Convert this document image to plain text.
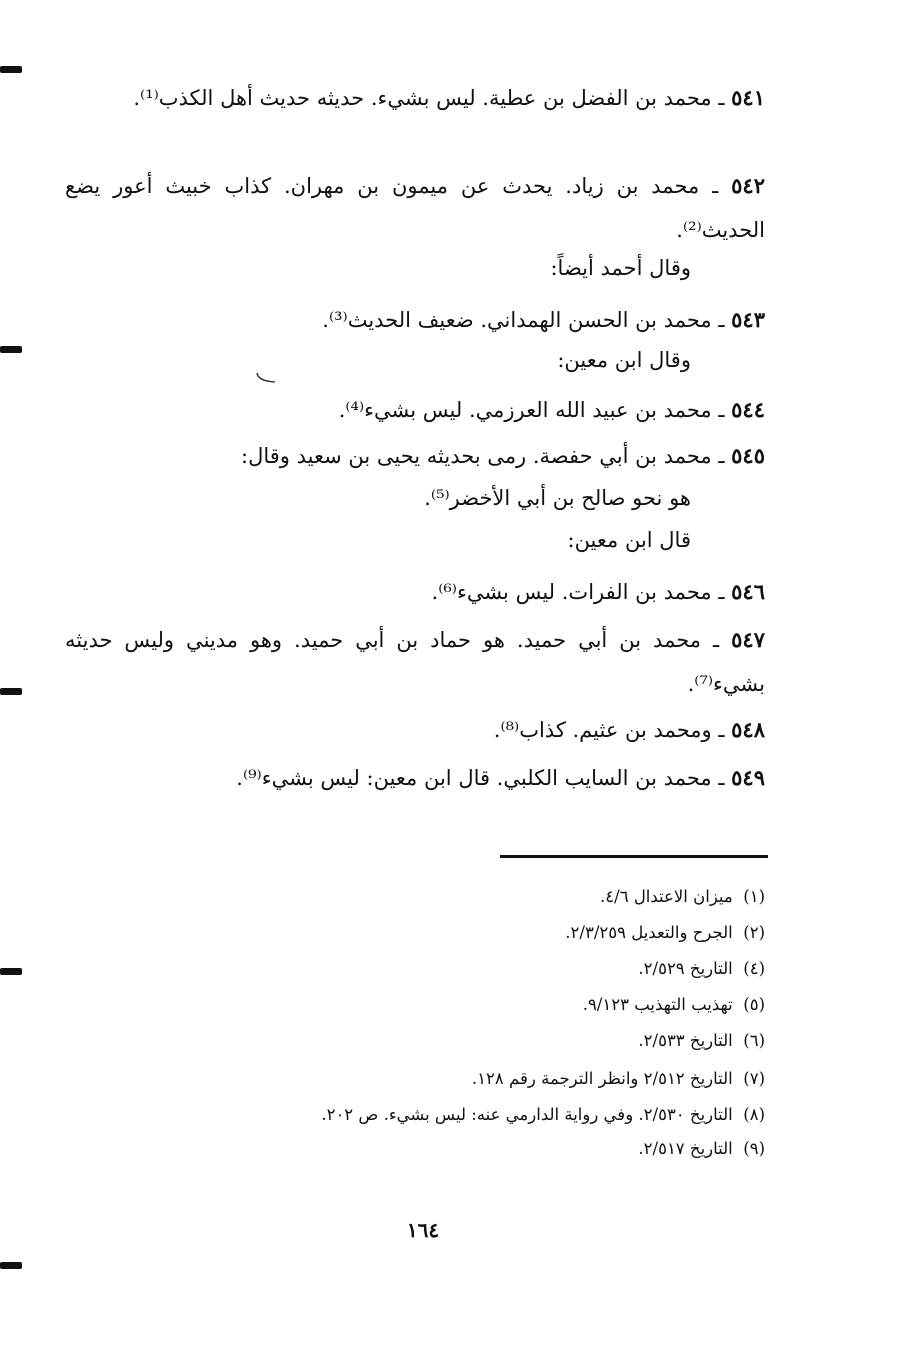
٥٤١ ـ محمد بن الفضل بن عطية. ليس بشيء. حديثه حديث أهل الكذب⁽¹⁾.
٥٤٢ ـ محمد بن زياد. يحدث عن ميمون بن مهران. كذاب خبيث أعور يضع الحديث⁽²⁾.
وقال أحمد أيضاً:
٥٤٣ ـ محمد بن الحسن الهمداني. ضعيف الحديث⁽³⁾.
وقال ابن معين:
٥٤٤ ـ محمد بن عبيد الله العرزمي. ليس بشيء⁽⁴⁾.
٥٤٥ ـ محمد بن أبي حفصة. رمى بحديثه يحيى بن سعيد وقال:
هو نحو صالح بن أبي الأخضر⁽⁵⁾.
قال ابن معين:
٥٤٦ ـ محمد بن الفرات. ليس بشيء⁽⁶⁾.
٥٤٧ ـ محمد بن أبي حميد. هو حماد بن أبي حميد. وهو مديني وليس حديثه بشيء⁽⁷⁾.
٥٤٨ ـ ومحمد بن عثيم. كذاب⁽⁸⁾.
٥٤٩ ـ محمد بن السايب الكلبي. قال ابن معين: ليس بشيء⁽⁹⁾.
(١)  ميزان الاعتدال ٤/٦.
(٢)  الجرح والتعديل ٢/٣/٢٥٩.
(٤)  التاريخ ٢/٥٢٩.
(٥)  تهذيب التهذيب ٩/١٢٣.
(٦)  التاريخ ٢/٥٣٣.
(٧)  التاريخ ٢/٥١٢ وانظر الترجمة رقم ١٢٨.
(٨)  التاريخ ٢/٥٣٠. وفي رواية الدارمي عنه: ليس بشيء. ص ٢٠٢.
(٩)  التاريخ ٢/٥١٧.
١٦٤
